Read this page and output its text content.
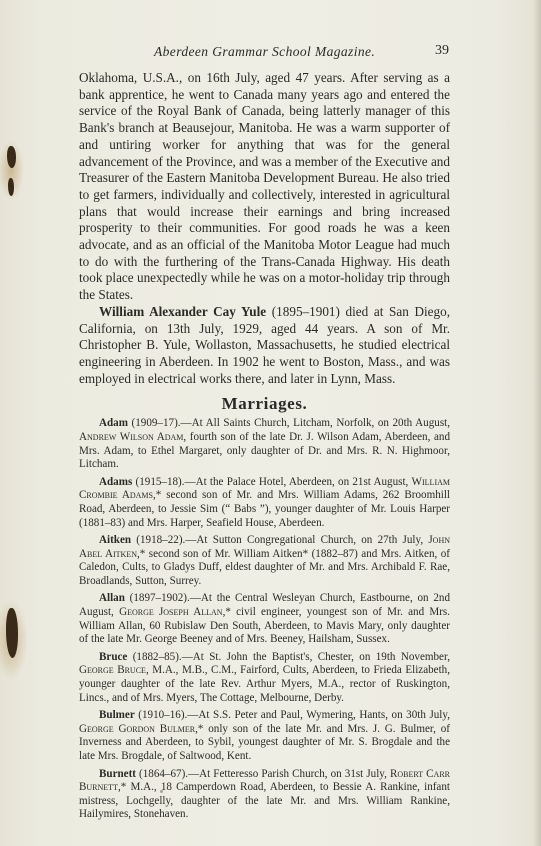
Aberdeen Grammar School Magazine.	39

Oklahoma, U.S.A., on 16th July, aged 47 years. After serving as a bank apprentice, he went to Canada many years ago and entered the service of the Royal Bank of Canada, being latterly manager of this Bank's branch at Beausejour, Manitoba. He was a warm supporter of and untiring worker for anything that was for the general advancement of the Province, and was a member of the Executive and Treasurer of the Eastern Manitoba Development Bureau. He also tried to get farmers, individually and collectively, interested in agricultural plans that would increase their earnings and bring increased prosperity to their communities. For good roads he was a keen advocate, and as an official of the Manitoba Motor League had much to do with the furthering of the Trans-Canada Highway. His death took place unexpectedly while he was on a motor-holiday trip through the States.

William Alexander Cay Yule (1895–1901) died at San Diego, California, on 13th July, 1929, aged 44 years. A son of Mr. Christopher B. Yule, Wollaston, Massachusetts, he studied electrical engineering in Aberdeen. In 1902 he went to Boston, Mass., and was employed in electrical works there, and later in Lynn, Mass.

Marriages.

Adam (1909–17).—At All Saints Church, Litcham, Norfolk, on 20th August, Andrew Wilson Adam, fourth son of the late Dr. J. Wilson Adam, Aberdeen, and Mrs. Adam, to Ethel Margaret, only daughter of Dr. and Mrs. R. N. Highmoor, Litcham.

Adams (1915–18).—At the Palace Hotel, Aberdeen, on 21st August, William Crombie Adams,* second son of Mr. and Mrs. William Adams, 262 Broomhill Road, Aberdeen, to Jessie Sim (“ Babs ”), younger daughter of Mr. Louis Harper (1881–83) and Mrs. Harper, Seafield House, Aberdeen.

Aitken (1918–22).—At Sutton Congregational Church, on 27th July, John Abel Aitken,* second son of Mr. William Aitken* (1882–87) and Mrs. Aitken, of Caledon, Cults, to Gladys Duff, eldest daughter of Mr. and Mrs. Archibald F. Rae, Broadlands, Sutton, Surrey.

Allan (1897–1902).—At the Central Wesleyan Church, Eastbourne, on 2nd August, George Joseph Allan,* civil engineer, youngest son of Mr. and Mrs. William Allan, 60 Rubislaw Den South, Aberdeen, to Mavis Mary, only daughter of the late Mr. George Beeney and of Mrs. Beeney, Hailsham, Sussex.

Bruce (1882–85).—At St. John the Baptist's, Chester, on 19th November, George Bruce, M.A., M.B., C.M., Fairford, Cults, Aberdeen, to Frieda Elizabeth, younger daughter of the late Rev. Arthur Myers, M.A., rector of Ruskington, Lincs., and of Mrs. Myers, The Cottage, Melbourne, Derby.

Bulmer (1910–16).—At S.S. Peter and Paul, Wymering, Hants, on 30th July, George Gordon Bulmer,* only son of the late Mr. and Mrs. J. G. Bulmer, of Inverness and Aberdeen, to Sybil, youngest daughter of Mr. S. Brogdale and the late Mrs. Brogdale, of Saltwood, Kent.

Burnett (1864–67).—At Fetteresso Parish Church, on 31st July, Robert Carr Burnett,* M.A., 18 Camperdown Road, Aberdeen, to Bessie A. Rankine, infant mistress, Lochgelly, daughter of the late Mr. and Mrs. William Rankine, Hailymires, Stonehaven.
